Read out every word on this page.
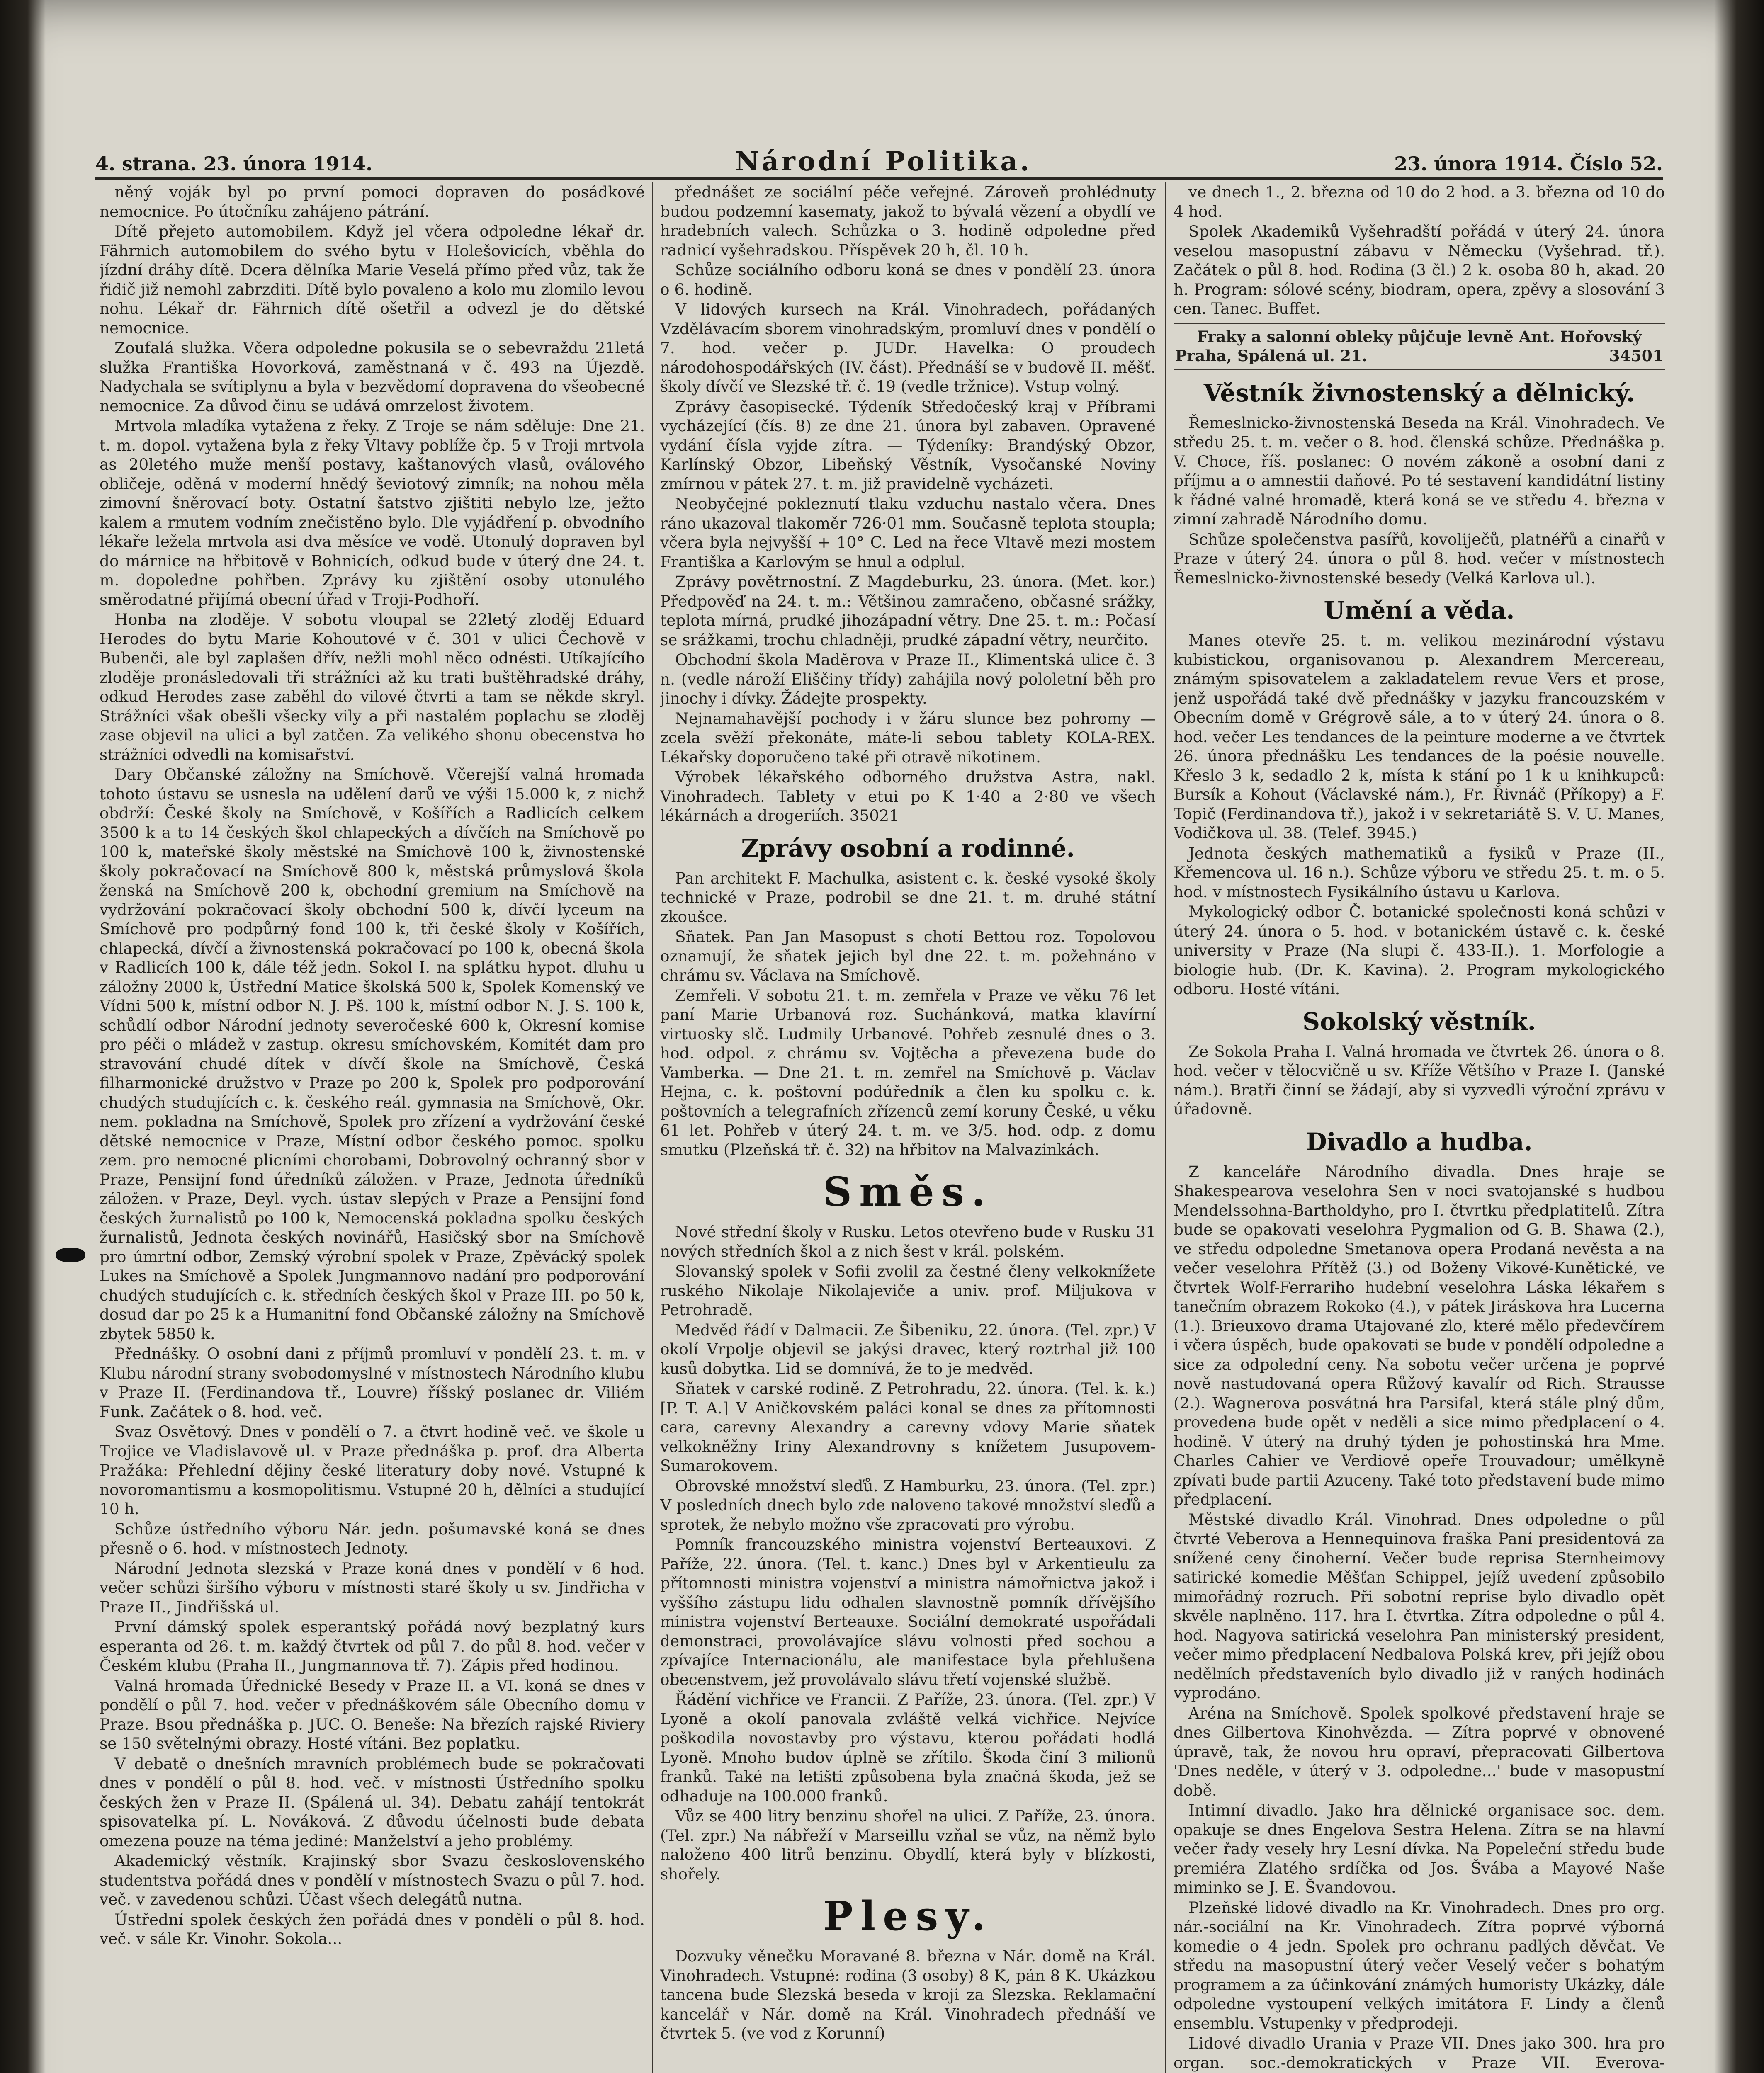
4. strana. 23. února 1914.	Národní Politika.	23. února 1914. Číslo 52.

něný voják byl po první pomoci dopraven do posádkové nemocnice. Po útočníku zahájeno pátrání.

Dítě přejeto automobilem. Když jel včera odpoledne lékař dr. Fährnich automobilem do svého bytu v Holešovicích, vběhla do jízdní dráhy dítě. Dcera dělníka Marie Veselá přímo před vůz, tak že řidič již nemohl zabrzditi. Dítě bylo povaleno a kolo mu zlomilo levou nohu. Lékař dr. Fährnich dítě ošetřil a odvezl je do dětské nemocnice.

Zoufalá služka. Včera odpoledne pokusila se o sebevraždu 21letá služka Františka Hovorková, zaměstnaná v č. 493 na Újezdě. Nadychala se svítiplynu a byla v bezvědomí dopravena do všeobecné nemocnice. Za důvod činu se udává omrzelost životem.

Mrtvola mladíka vytažena z řeky. Z Troje se nám sděluje: Dne 21. t. m. dopol. vytažena byla z řeky Vltavy poblíže čp. 5 v Troji mrtvola as 20letého muže menší postavy, kaštanových vlasů, oválového obličeje, oděná v moderní hnědý ševiotový zimník; na nohou měla zimovní šněrovací boty. Ostatní šatstvo zjištiti nebylo lze, ježto kalem a rmutem vodním znečistěno bylo. Dle vyjádření p. obvodního lékaře ležela mrtvola asi dva měsíce ve vodě. Utonulý dopraven byl do márnice na hřbitově v Bohnicích, odkud bude v úterý dne 24. t. m. dopoledne pohřben. Zprávy ku zjištění osoby utonulého směrodatné přijímá obecní úřad v Troji-Podhoří.

Honba na zloděje. V sobotu vloupal se 22letý zloděj Eduard Herodes do bytu Marie Kohoutové v č. 301 v ulici Čechově v Bubenči, ale byl zaplašen dřív, nežli mohl něco odnésti. Utíkajícího zloděje pronásledovali tři strážníci až ku trati buštěhradské dráhy, odkud Herodes zase zaběhl do vilové čtvrti a tam se někde skryl. Strážníci však obešli všecky vily a při nastalém poplachu se zloděj zase objevil na ulici a byl zatčen. Za velikého shonu obecenstva ho strážníci odvedli na komisařství.

Dary Občanské záložny na Smíchově. Včerejší valná hromada tohoto ústavu se usnesla na udělení darů ve výši 15.000 k, z nichž obdrží: České školy na Smíchově, v Košířích a Radlicích celkem 3500 k a to 14 českých škol chlapeckých a dívčích na Smíchově po 100 k, mateřské školy městské na Smíchově 100 k, živnostenské školy pokračovací na Smíchově 800 k, městská průmyslová škola ženská na Smíchově 200 k, obchodní gremium na Smíchově na vydržování pokračovací školy obchodní 500 k, dívčí lyceum na Smíchově pro podpůrný fond 100 k, tři české školy v Košířích, chlapecká, dívčí a živnostenská pokračovací po 100 k, obecná škola v Radlicích 100 k, dále též jedn. Sokol I. na splátku hypot. dluhu u záložny 2000 k, Ústřední Matice školská 500 k, Spolek Komenský ve Vídni 500 k, místní odbor N. J. Pš. 100 k, místní odbor N. J. S. 100 k, schůdlí odbor Národní jednoty severočeské 600 k, Okresní komise pro péči o mládež v zastup. okresu smíchovském, Komitét dam pro stravování chudé dítek v dívčí škole na Smíchově, Česká filharmonické družstvo v Praze po 200 k, Spolek pro podporování chudých studujících c. k. českého reál. gymnasia na Smíchově, Okr. nem. pokladna na Smíchově, Spolek pro zřízení a vydržování české dětské nemocnice v Praze, Místní odbor českého pomoc. spolku zem. pro nemocné plicními chorobami, Dobrovolný ochranný sbor v Praze, Pensijní fond úředníků záložen. v Praze, Jednota úředníků záložen. v Praze, Deyl. vych. ústav slepých v Praze a Pensijní fond českých žurnalistů po 100 k, Nemocenská pokladna spolku českých žurnalistů, Jednota českých novinářů, Hasičský sbor na Smíchově pro úmrtní odbor, Zemský výrobní spolek v Praze, Zpěvácký spolek Lukes na Smíchově a Spolek Jungmannovo nadání pro podporování chudých studujících c. k. středních českých škol v Praze III. po 50 k, dosud dar po 25 k a Humanitní fond Občanské záložny na Smíchově zbytek 5850 k.

Přednášky. O osobní dani z příjmů promluví v pondělí 23. t. m. v Klubu národní strany svobodomyslné v místnostech Národního klubu v Praze II. (Ferdinandova tř., Louvre) říšský poslanec dr. Viliém Funk. Začátek o 8. hod. več.

Svaz Osvětový. Dnes v pondělí o 7. a čtvrt hodině več. ve škole u Trojice ve Vladislavově ul. v Praze přednáška p. prof. dra Alberta Pražáka: Přehlední dějiny české literatury doby nové. Vstupné k novoromantismu a kosmopolitismu. Vstupné 20 h, dělníci a studující 10 h.

Schůze ústředního výboru Nár. jedn. pošumavské koná se dnes přesně o 6. hod. v místnostech Jednoty.

Národní Jednota slezská v Praze koná dnes v pondělí v 6 hod. večer schůzi širšího výboru v místnosti staré školy u sv. Jindřicha v Praze II., Jindřišská ul.

První dámský spolek esperantský pořádá nový bezplatný kurs esperanta od 26. t. m. každý čtvrtek od půl 7. do půl 8. hod. večer v Českém klubu (Praha II., Jungmannova tř. 7). Zápis před hodinou.

Valná hromada Úřednické Besedy v Praze II. a VI. koná se dnes v pondělí o půl 7. hod. večer v přednáškovém sále Obecního domu v Praze. Bsou přednáška p. JUC. O. Beneše: Na březích rajské Riviery se 150 světelnými obrazy. Hosté vítáni. Bez poplatku.

V debatě o dnešních mravních problémech bude se pokračovati dnes v pondělí o půl 8. hod. več. v místnosti Ústředního spolku českých žen v Praze II. (Spálená ul. 34). Debatu zahájí tentokrát spisovatelka pí. L. Nováková. Z důvodu účelnosti bude debata omezena pouze na téma jediné: Manželství a jeho problémy.

Akademický věstník. Krajinský sbor Svazu československého studentstva pořádá dnes v pondělí v místnostech Svazu o půl 7. hod. več. v zavedenou schůzi. Účast všech delegátů nutna.

Ústřední spolek českých žen pořádá dnes v pondělí o půl 8. hod. več. v sále Kr. Vinohr. Sokola...

přednášet ze sociální péče veřejné. Zároveň prohlédnuty budou podzemní kasematy, jakož to bývalá vězení a obydlí ve hradebních valech. Schůzka o 3. hodině odpoledne před radnicí vyšehradskou. Příspěvek 20 h, čl. 10 h.

Schůze sociálního odboru koná se dnes v pondělí 23. února o 6. hodině.

V lidových kursech na Král. Vinohradech, pořádaných Vzdělávacím sborem vinohradským, promluví dnes v pondělí o 7. hod. večer p. JUDr. Havelka: O proudech národohospodářských (IV. část). Přednáší se v budově II. měšť. školy dívčí ve Slezské tř. č. 19 (vedle tržnice). Vstup volný.

Zprávy časopisecké. Týdeník Středočeský kraj v Příbrami vycházející (čís. 8) ze dne 21. února byl zabaven. Opravené vydání čísla vyjde zítra. — Týdeníky: Brandýský Obzor, Karlínský Obzor, Libeňský Věstník, Vysočanské Noviny zmírnou v pátek 27. t. m. již pravidelně vycházeti.

Neobyčejné pokleznutí tlaku vzduchu nastalo včera. Dnes ráno ukazoval tlakoměr 726·01 mm. Současně teplota stoupla; včera byla nejvyšší + 10° C. Led na řece Vltavě mezi mostem Františka a Karlovým se hnul a odplul.

Zprávy povětrnostní. Z Magdeburku, 23. února. (Met. kor.) Předpověď na 24. t. m.: Většinou zamračeno, občasné srážky, teplota mírná, prudké jihozápadní větry. Dne 25. t. m.: Počasí se srážkami, trochu chladněji, prudké západní větry, neurčito.

Obchodní škola Maděrova v Praze II., Klimentská ulice č. 3 n. (vedle nároží Eliščiny třídy) zahájila nový pololetní běh pro jinochy i dívky. Žádejte prospekty.

Nejnamahavější pochody i v žáru slunce bez pohromy — zcela svěží překonáte, máte-li sebou tablety KOLA-REX. Lékařsky doporučeno také při otravě nikotinem.

Výrobek lékařského odborného družstva Astra, nakl. Vinohradech. Tablety v etui po K 1·40 a 2·80 ve všech lékárnách a drogeriích. 35021

Zprávy osobní a rodinné.

Pan architekt F. Machulka, asistent c. k. české vysoké školy technické v Praze, podrobil se dne 21. t. m. druhé státní zkoušce.

Sňatek. Pan Jan Masopust s chotí Bettou roz. Topolovou oznamují, že sňatek jejich byl dne 22. t. m. požehnáno v chrámu sv. Václava na Smíchově.

Zemřeli. V sobotu 21. t. m. zemřela v Praze ve věku 76 let paní Marie Urbanová roz. Suchánková, matka klavírní virtuosky slč. Ludmily Urbanové. Pohřeb zesnulé dnes o 3. hod. odpol. z chrámu sv. Vojtěcha a převezena bude do Vamberka. — Dne 21. t. m. zemřel na Smíchově p. Václav Hejna, c. k. poštovní podúředník a člen ku spolku c. k. poštovních a telegrafních zřízenců zemí koruny České, u věku 61 let. Pohřeb v úterý 24. t. m. ve 3/5. hod. odp. z domu smutku (Plzeňská tř. č. 32) na hřbitov na Malvazinkách.

Směs.

Nové střední školy v Rusku. Letos otevřeno bude v Rusku 31 nových středních škol a z nich šest v král. polském.

Slovanský spolek v Sofii zvolil za čestné členy velkoknížete ruského Nikolaje Nikolajeviče a univ. prof. Miljukova v Petrohradě.

Medvěd řádí v Dalmacii. Ze Šibeniku, 22. února. (Tel. zpr.) V okolí Vrpolje objevil se jakýsi dravec, který roztrhal již 100 kusů dobytka. Lid se domnívá, že to je medvěd.

Sňatek v carské rodině. Z Petrohradu, 22. února. (Tel. k. k.) [P. T. A.] V Aničkovském paláci konal se dnes za přítomnosti cara, carevny Alexandry a carevny vdovy Marie sňatek velkokněžny Iriny Alexandrovny s knížetem Jusupovem-Sumarokovem.

Obrovské množství sleďů. Z Hamburku, 23. února. (Tel. zpr.) V posledních dnech bylo zde naloveno takové množství sleďů a sprotek, že nebylo možno vše zpracovati pro výrobu.

Pomník francouzského ministra vojenství Berteauxovi. Z Paříže, 22. února. (Tel. t. kanc.) Dnes byl v Arkentieulu za přítomnosti ministra vojenství a ministra námořnictva jakož i vyššího zástupu lidu odhalen slavnostně pomník dřívějšího ministra vojenství Berteauxe. Sociální demokraté uspořádali demonstraci, provolávajíce slávu volnosti před sochou a zpívajíce Internacionálu, ale manifestace byla přehlušena obecenstvem, jež provolávalo slávu třetí vojenské službě.

Řádění vichřice ve Francii. Z Paříže, 23. února. (Tel. zpr.) V Lyoně a okolí panovala zvláště velká vichřice. Nejvíce poškodila novostavby pro výstavu, kterou pořádati hodlá Lyoně. Mnoho budov úplně se zřítilo. Škoda činí 3 milionů franků. Také na letišti způsobena byla značná škoda, jež se odhaduje na 100.000 franků.

Vůz se 400 litry benzinu shořel na ulici. Z Paříže, 23. února. (Tel. zpr.) Na nábřeží v Marseillu vzňal se vůz, na němž bylo naloženo 400 litrů benzinu. Obydlí, která byly v blízkosti, shořely.

Plesy.

Dozvuky věnečku Moravané 8. března v Nár. domě na Král. Vinohradech. Vstupné: rodina (3 osoby) 8 K, pán 8 K. Ukázkou tancena bude Slezská beseda v kroji za Slezska. Reklamační kancelář v Nár. domě na Král. Vinohradech přednáší ve čtvrtek 5. (ve vod z Korunní)

ve dnech 1., 2. března od 10 do 2 hod. a 3. března od 10 do 4 hod.

Spolek Akademiků Vyšehradští pořádá v úterý 24. února veselou masopustní zábavu v Německu (Vyšehrad. tř.). Začátek o půl 8. hod. Rodina (3 čl.) 2 k. osoba 80 h, akad. 20 h. Program: sólové scény, biodram, opera, zpěvy a slosování 3 cen. Tanec. Buffet.

Fraky a salonní obleky půjčuje levně Ant. Hořovský
Praha, Spálená ul. 21.	34501
Věstník živnostenský a dělnický.

Řemeslnicko-živnostenská Beseda na Král. Vinohradech. Ve středu 25. t. m. večer o 8. hod. členská schůze. Přednáška p. V. Choce, říš. poslanec: O novém zákoně a osobní dani z příjmu a o amnestii daňové. Po té sestavení kandidátní listiny k řádné valné hromadě, která koná se ve středu 4. března v zimní zahradě Národního domu.

Schůze společenstva pasířů, kovoliječů, platnéřů a cinařů v Praze v úterý 24. února o půl 8. hod. večer v místnostech Řemeslnicko-živnostenské besedy (Velká Karlova ul.).

Umění a věda.

Manes otevře 25. t. m. velikou mezinárodní výstavu kubistickou, organisovanou p. Alexandrem Mercereau, známým spisovatelem a zakladatelem revue Vers et prose, jenž uspořádá také dvě přednášky v jazyku francouzském v Obecním domě v Grégrově sále, a to v úterý 24. února o 8. hod. večer Les tendances de la peinture moderne a ve čtvrtek 26. února přednášku Les tendances de la poésie nouvelle. Křeslo 3 k, sedadlo 2 k, místa k stání po 1 k u knihkupců: Bursík a Kohout (Václavské nám.), Fr. Řivnáč (Příkopy) a F. Topič (Ferdinandova tř.), jakož i v sekretariátě S. V. U. Manes, Vodičkova ul. 38. (Telef. 3945.)

Jednota českých mathematiků a fysiků v Praze (II., Křemencova ul. 16 n.). Schůze výboru ve středu 25. t. m. o 5. hod. v místnostech Fysikálního ústavu u Karlova.

Mykologický odbor Č. botanické společnosti koná schůzi v úterý 24. února o 5. hod. v botanickém ústavě c. k. české university v Praze (Na slupi č. 433-II.). 1. Morfologie a biologie hub. (Dr. K. Kavina). 2. Program mykologického odboru. Hosté vítáni.

Sokolský věstník.

Ze Sokola Praha I. Valná hromada ve čtvrtek 26. února o 8. hod. večer v tělocvičně u sv. Kříže Většího v Praze I. (Janské nám.). Bratři činní se žádají, aby si vyzvedli výroční zprávu v úřadovně.

Divadlo a hudba.

Z kanceláře Národního divadla. Dnes hraje se Shakespearova veselohra Sen v noci svatojanské s hudbou Mendelssohna-Bartholdyho, pro I. čtvrtku předplatitelů. Zítra bude se opakovati veselohra Pygmalion od G. B. Shawa (2.), ve středu odpoledne Smetanova opera Prodaná nevěsta a na večer veselohra Přítěž (3.) od Boženy Vikové-Kunětické, ve čtvrtek Wolf-Ferrariho hudební veselohra Láska lékařem s tanečním obrazem Rokoko (4.), v pátek Jiráskova hra Lucerna (1.). Brieuxovo drama Utajované zlo, které mělo předevčírem i včera úspěch, bude opakovati se bude v pondělí odpoledne a sice za odpolední ceny. Na sobotu večer určena je poprvé nově nastudovaná opera Růžový kavalír od Rich. Strausse (2.). Wagnerova posvátná hra Parsifal, která stále plný dům, provedena bude opět v neděli a sice mimo předplacení o 4. hodině. V úterý na druhý týden je pohostinská hra Mme. Charles Cahier ve Verdiově opeře Trouvadour; umělkyně zpívati bude partii Azuceny. Také toto představení bude mimo předplacení.

Městské divadlo Král. Vinohrad. Dnes odpoledne o půl čtvrté Veberova a Hennequinova fraška Paní presidentová za snížené ceny činoherní. Večer bude reprisa Sternheimovy satirické komedie Měšťan Schippel, jejíž uvedení způsobilo mimořádný rozruch. Při sobotní reprise bylo divadlo opět skvěle naplněno. 117. hra I. čtvrtka. Zítra odpoledne o půl 4. hod. Nagyova satirická veselohra Pan ministerský president, večer mimo předplacení Nedbalova Polská krev, při jejíž obou nedělních představeních bylo divadlo již v raných hodinách vyprodáno.

Aréna na Smíchově. Spolek spolkové představení hraje se dnes Gilbertova Kinohvězda. — Zítra poprvé v obnovené úpravě, tak, že novou hru opraví, přepracovati Gilbertova 'Dnes neděle, v úterý v 3. odpoledne...' bude v masopustní době.

Intimní divadlo. Jako hra dělnické organisace soc. dem. opakuje se dnes Engelova Sestra Helena. Zítra se na hlavní večer řady vesely hry Lesní dívka. Na Popeleční středu bude premiéra Zlatého srdíčka od Jos. Švába a Mayové Naše miminko se J. E. Švandovou.

Plzeňské lidové divadlo na Kr. Vinohradech. Dnes pro org. nár.-sociální na Kr. Vinohradech. Zítra poprvé výborná komedie o 4 jedn. Spolek pro ochranu padlých děvčat. Ve středu na masopustní úterý večer Veselý večer s bohatým programem a za účinkování známých humoristy Ukázky, dále odpoledne vystoupení velkých imitátora F. Lindy a členů ensemblu. Vstupenky v předprodeji.

Lidové divadlo Urania v Praze VII. Dnes jako 300. hra pro organ. soc.-demokratických v Praze VII. Everova-
